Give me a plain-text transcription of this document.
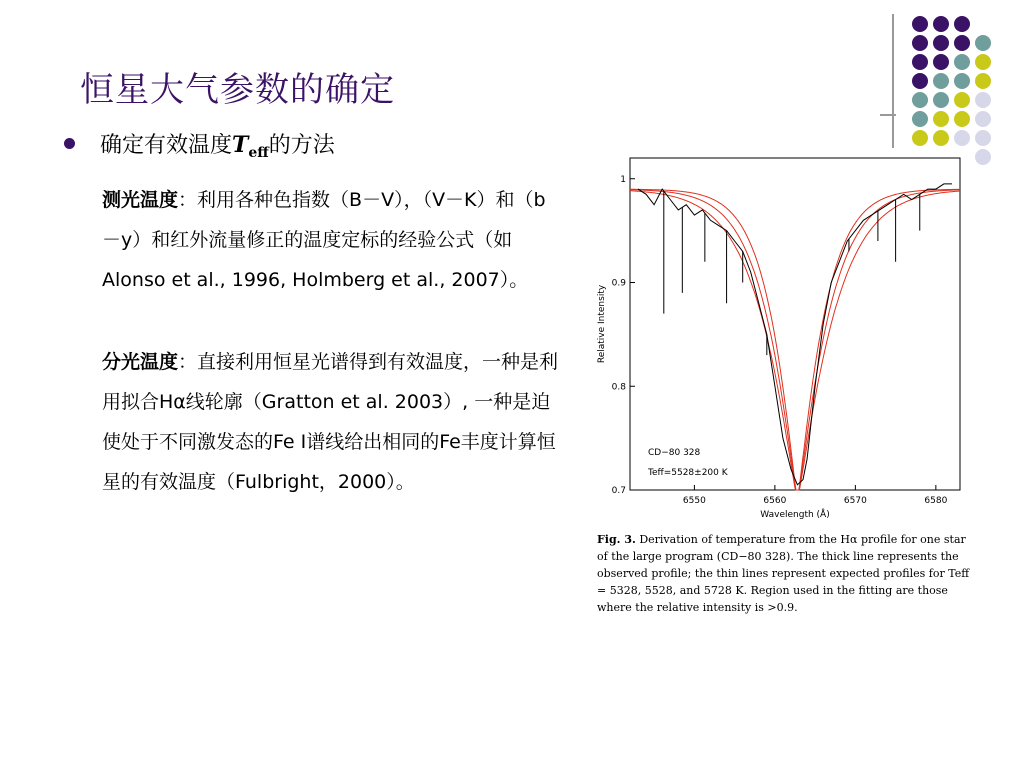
恒星大气参数的确定
确定有效温度$T_{eff}$的方法
测光温度：利用各种色指数（B－V），（V－K）和（b－y）和红外流量修正的温度定标的经验公式（如Alonso et al., 1996, Holmberg et al., 2007）。
分光温度：直接利用恒星光谱得到有效温度，一种是利用拟合Hα线轮廓（Gratton et al. 2003）, 一种是迫使处于不同激发态的Fe I谱线给出相同的Fe丰度计算恒星的有效温度（Fulbright，2000）。
6550	6560	6570	6580
0.7
0.8
0.9
1
Wavelength (Å)
Relative Intensity
CD−80 328
Teff=5528±200 K
Fig. 3. Derivation of temperature from the Hα profile for one star of the large program (CD−80 328). The thick line represents the observed profile; the thin lines represent expected profiles for Teff = 5328, 5528, and 5728 K. Region used in the fitting are those where the relative intensity is >0.9.
